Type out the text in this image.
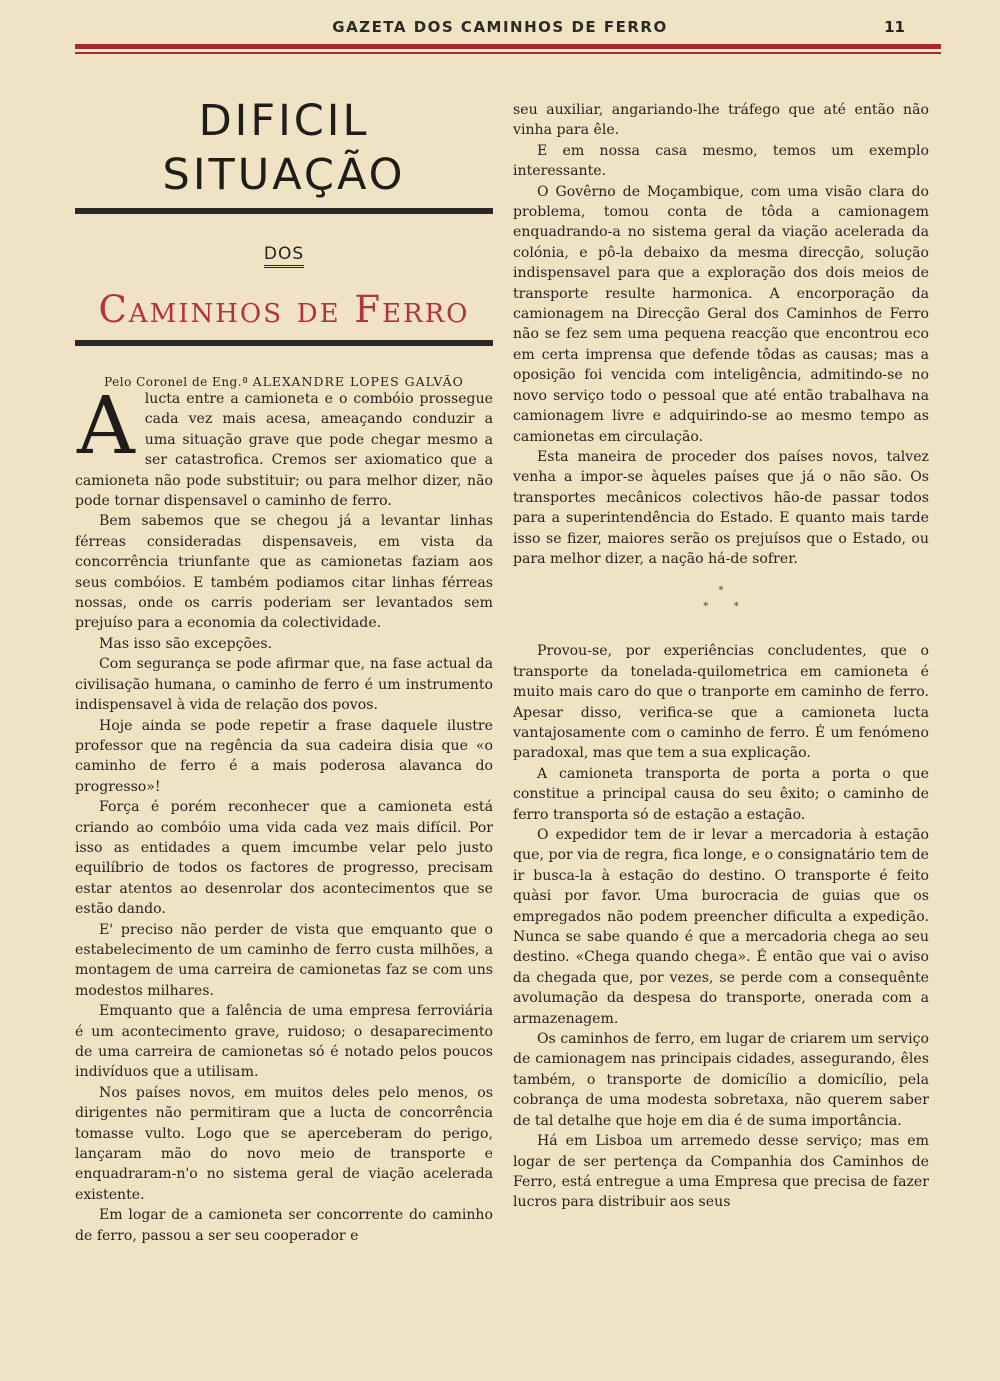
GAZETA DOS CAMINHOS DE FERRO	11
DIFICIL SITUAÇÃO
DOS
Caminhos de Ferro
Pelo Coronel de Eng.ª ALEXANDRE LOPES GALVÃO

Alucta entre a camioneta e o combóio prossegue cada vez mais acesa, ameaçando conduzir a uma situação grave que pode chegar mesmo a ser catastrofica. Cremos ser axiomatico que a camioneta não pode substituir; ou para melhor dizer, não pode tornar dispensavel o caminho de ferro.

Bem sabemos que se chegou já a levantar linhas férreas consideradas dispensaveis, em vista da concorrência triunfante que as camionetas faziam aos seus combóios. E também podiamos citar linhas férreas nossas, onde os carris poderiam ser levantados sem prejuíso para a economia da colectividade.

Mas isso são excepções.

Com segurança se pode afirmar que, na fase actual da civilisação humana, o caminho de ferro é um instrumento indispensavel à vida de relação dos povos.

Hoje ainda se pode repetir a frase daquele ilustre professor que na regência da sua cadeira disia que «o caminho de ferro é a mais poderosa alavanca do progresso»!

Força é porém reconhecer que a camioneta está criando ao combóio uma vida cada vez mais difícil. Por isso as entidades a quem imcumbe velar pelo justo equilíbrio de todos os factores de progresso, precisam estar atentos ao desenrolar dos acontecimentos que se estão dando.

E' preciso não perder de vista que emquanto que o estabelecimento de um caminho de ferro custa milhões, a montagem de uma carreira de camionetas faz se com uns modestos milhares.

Emquanto que a falência de uma empresa ferroviária é um acontecimento grave, ruidoso; o desaparecimento de uma carreira de camionetas só é notado pelos poucos indivíduos que a utilisam.

Nos países novos, em muitos deles pelo menos, os dirigentes não permitiram que a lucta de concorrência tomasse vulto. Logo que se aperceberam do perigo, lançaram mão do novo meio de transporte e enquadraram-n'o no sistema geral de viação acelerada existente.

Em logar de a camioneta ser concorrente do caminho de ferro, passou a ser seu cooperador e

seu auxiliar, angariando-lhe tráfego que até então não vinha para êle.

E em nossa casa mesmo, temos um exemplo interessante.

O Govêrno de Moçambique, com uma visão clara do problema, tomou conta de tôda a camionagem enquadrando-a no sistema geral da viação acelerada da colónia, e pô-la debaixo da mesma direcção, solução indispensavel para que a exploração dos dois meios de transporte resulte harmonica. A encorporação da camionagem na Direcção Geral dos Caminhos de Ferro não se fez sem uma pequena reacção que encontrou eco em certa imprensa que defende tôdas as causas; mas a oposição foi vencida com inteligência, admitindo-se no novo serviço todo o pessoal que até então trabalhava na camionagem livre e adquirindo-se ao mesmo tempo as camionetas em circulação.

Esta maneira de proceder dos países novos, talvez venha a impor-se àqueles países que já o não são. Os transportes mecânicos colectivos hão-de passar todos para a superintendência do Estado. E quanto mais tarde isso se fizer, maiores serão os prejuísos que o Estado, ou para melhor dizer, a nação há-de sofrer.

*
*        *

Provou-se, por experiências concludentes, que o transporte da tonelada-quilometrica em camioneta é muito mais caro do que o tranporte em caminho de ferro. Apesar disso, verifica-se que a camioneta lucta vantajosamente com o caminho de ferro. É um fenómeno paradoxal, mas que tem a sua explicação.

A camioneta transporta de porta a porta o que constitue a principal causa do seu êxito; o caminho de ferro transporta só de estação a estação.

O expedidor tem de ir levar a mercadoria à estação que, por via de regra, fica longe, e o consignatário tem de ir busca-la à estação do destino. O transporte é feito quàsi por favor. Uma burocracia de guias que os empregados não podem preencher dificulta a expedição. Nunca se sabe quando é que a mercadoria chega ao seu destino. «Chega quando chega». É então que vai o aviso da chegada que, por vezes, se perde com a consequênte avolumação da despesa do transporte, onerada com a armazenagem.

Os caminhos de ferro, em lugar de criarem um serviço de camionagem nas principais cidades, assegurando, êles também, o transporte de domicílio a domicílio, pela cobrança de uma modesta sobretaxa, não querem saber de tal detalhe que hoje em dia é de suma importância.

Há em Lisboa um arremedo desse serviço; mas em logar de ser pertença da Companhia dos Caminhos de Ferro, está entregue a uma Empresa que precisa de fazer lucros para distribuir aos seus
